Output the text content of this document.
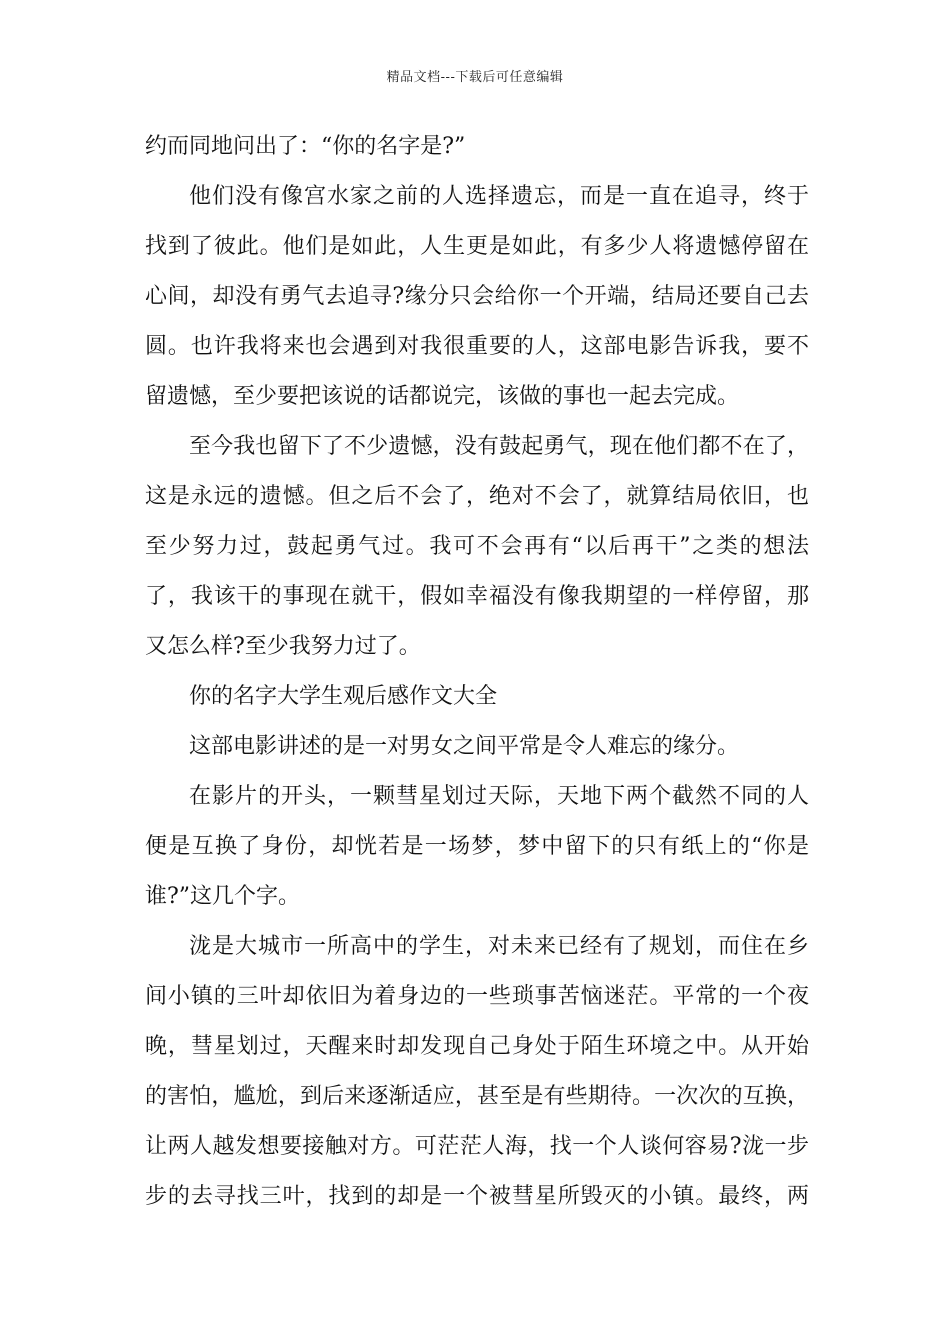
精品文档---下载后可任意编辑
约而同地问出了：“你的名字是?”
他们没有像宫水家之前的人选择遗忘，而是一直在追寻，终于
找到了彼此。他们是如此，人生更是如此，有多少人将遗憾停留在
心间，却没有勇气去追寻?缘分只会给你一个开端，结局还要自己去
圆。也许我将来也会遇到对我很重要的人，这部电影告诉我，要不
留遗憾，至少要把该说的话都说完，该做的事也一起去完成。
至今我也留下了不少遗憾，没有鼓起勇气，现在他们都不在了，
这是永远的遗憾。但之后不会了，绝对不会了，就算结局依旧，也
至少努力过，鼓起勇气过。我可不会再有“以后再干”之类的想法
了，我该干的事现在就干，假如幸福没有像我期望的一样停留，那
又怎么样?至少我努力过了。
你的名字大学生观后感作文大全
这部电影讲述的是一对男女之间平常是令人难忘的缘分。
在影片的开头，一颗彗星划过天际，天地下两个截然不同的人
便是互换了身份，却恍若是一场梦，梦中留下的只有纸上的“你是
谁?”这几个字。
泷是大城市一所高中的学生，对未来已经有了规划，而住在乡
间小镇的三叶却依旧为着身边的一些琐事苦恼迷茫。平常的一个夜
晚，彗星划过，天醒来时却发现自己身处于陌生环境之中。从开始
的害怕，尴尬，到后来逐渐适应，甚至是有些期待。一次次的互换，
让两人越发想要接触对方。可茫茫人海，找一个人谈何容易?泷一步
步的去寻找三叶，找到的却是一个被彗星所毁灭的小镇。最终，两
